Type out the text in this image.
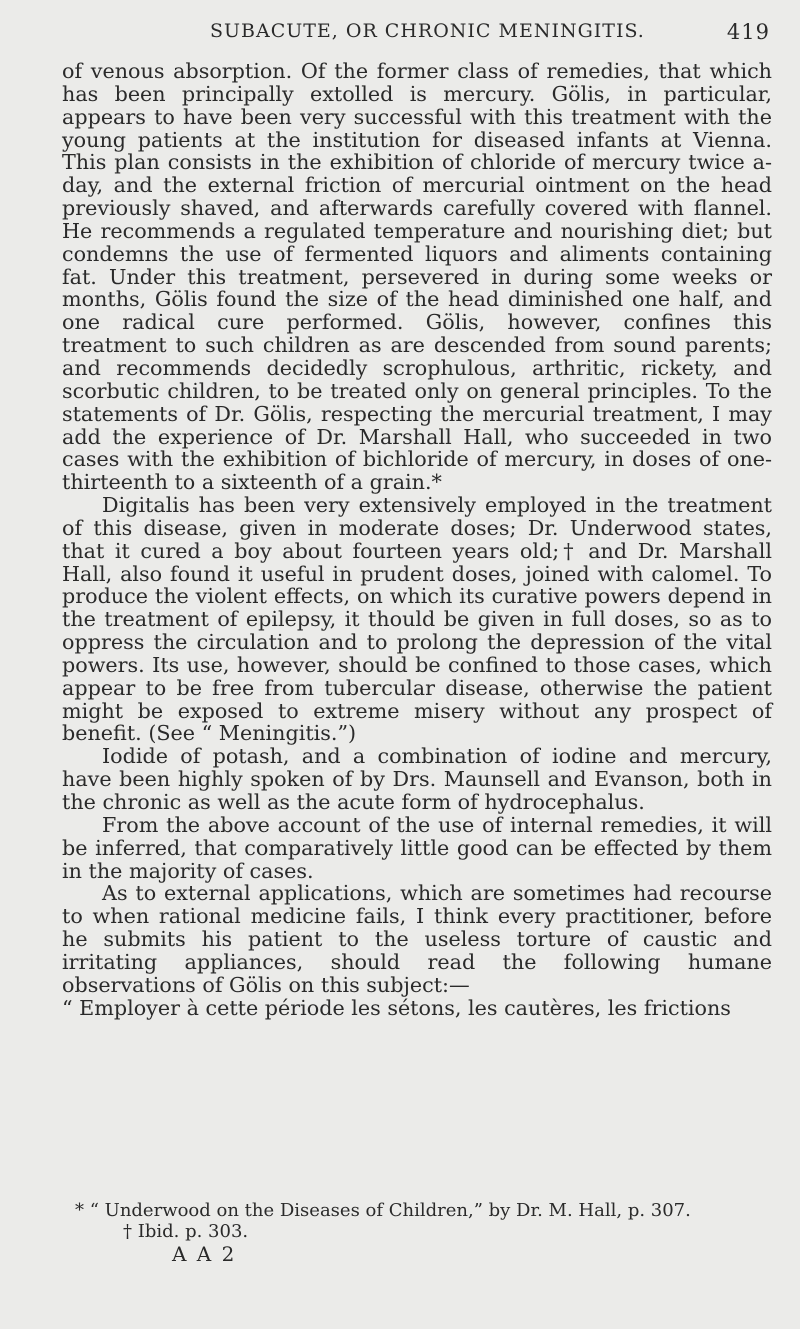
SUBACUTE, OR CHRONIC MENINGITIS.	419

of venous absorption. Of the former class of remedies, that which has been principally extolled is mercury. Gölis, in particular, appears to have been very successful with this treatment with the young patients at the institution for diseased infants at Vienna. This plan consists in the exhibition of chloride of mercury twice a-day, and the external friction of mercurial ointment on the head previously shaved, and afterwards carefully covered with flannel. He recommends a regulated temperature and nourishing diet; but condemns the use of fermented liquors and aliments containing fat. Under this treatment, persevered in during some weeks or months, Gölis found the size of the head diminished one half, and one radical cure performed. Gölis, however, confines this treatment to such children as are descended from sound parents; and recommends decidedly scrophulous, arthritic, rickety, and scorbutic children, to be treated only on general principles. To the statements of Dr. Gölis, respecting the mercurial treatment, I may add the experience of Dr. Marshall Hall, who succeeded in two cases with the exhibition of bichloride of mercury, in doses of one-thirteenth to a sixteenth of a grain.*

Digitalis has been very extensively employed in the treatment of this disease, given in moderate doses; Dr. Underwood states, that it cured a boy about fourteen years old;† and Dr. Marshall Hall, also found it useful in prudent doses, joined with calomel. To produce the violent effects, on which its curative powers depend in the treatment of epilepsy, it thould be given in full doses, so as to oppress the circulation and to prolong the depression of the vital powers. Its use, however, should be confined to those cases, which appear to be free from tubercular disease, otherwise the patient might be exposed to extreme misery without any prospect of benefit. (See “ Meningitis.”)

Iodide of potash, and a combination of iodine and mercury, have been highly spoken of by Drs. Maunsell and Evanson, both in the chronic as well as the acute form of hydrocephalus.

From the above account of the use of internal remedies, it will be inferred, that comparatively little good can be effected by them in the majority of cases.

As to external applications, which are sometimes had recourse to when rational medicine fails, I think every practitioner, before he submits his patient to the useless torture of caustic and irritating appliances, should read the following humane observations of Gölis on this subject:—

“ Employer à cette période les sétons, les cautères, les frictions

* “ Underwood on the Diseases of Children,” by Dr. M. Hall, p. 307.

† Ibid. p. 303.

A A 2
